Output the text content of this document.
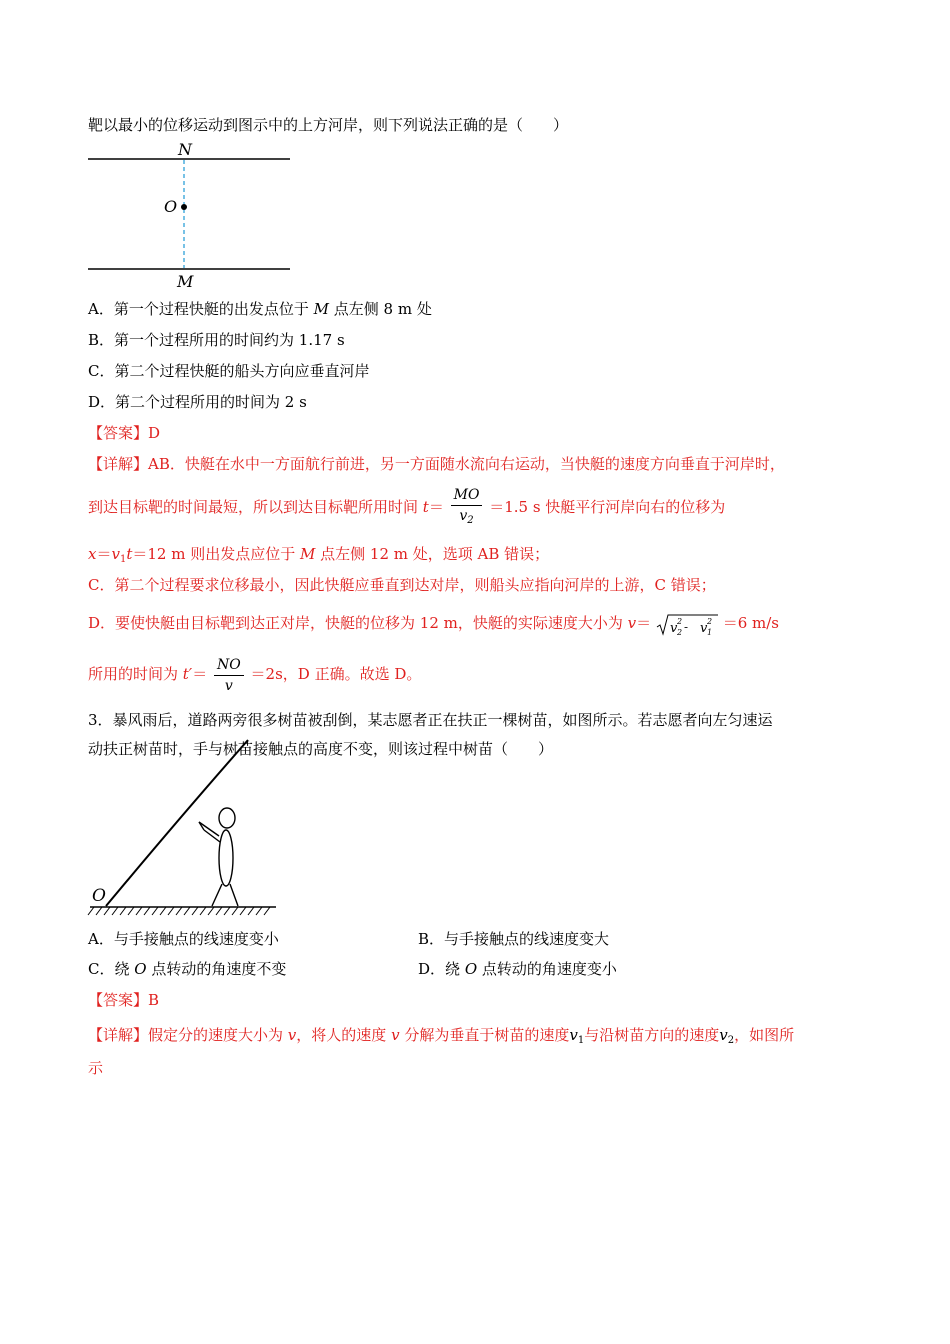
靶以最小的位移运动到图示中的上方河岸，则下列说法正确的是（　　）
N
O
M
A．第一个过程快艇的出发点位于 M 点左侧 8 m 处
B．第一个过程所用的时间约为 1.17 s
C．第二个过程快艇的船头方向应垂直河岸
D．第二个过程所用的时间为 2 s
【答案】D
【详解】AB．快艇在水中一方面航行前进，另一方面随水流向右运动，当快艇的速度方向垂直于河岸时，
到达目标靶的时间最短，所以到达目标靶所用时间 $t= \frac{MO}{v_2} =1.5$ s 快艇平行河岸向右的位移为
$x=v_1t=12$ m 则出发点应位于 M 点左侧 12 m 处，选项 AB 错误；
C．第二个过程要求位移最小，因此快艇应垂直到达对岸，则船头应指向河岸的上游，C 错误；
D．要使快艇由目标靶到达正对岸，快艇的位移为 12 m，快艇的实际速度大小为 v＝ v 2
2 - v 2
1
＝6 m/s
所用的时间为 $t'= \frac{NO}{v} =2s$，D 正确。故选 D。
3．暴风雨后，道路两旁很多树苗被刮倒，某志愿者正在扶正一棵树苗，如图所示。若志愿者向左匀速运
动扶正树苗时，手与树苗接触点的高度不变，则该过程中树苗（　　）
O
A．与手接触点的线速度变小	B．与手接触点的线速度变大
C．绕 O 点转动的角速度不变	D．绕 O 点转动的角速度变小
【答案】B
【详解】假定分的速度大小为 v，将人的速度 v 分解为垂直于树苗的速度$v_1$与沿树苗方向的速度$v_2$，如图所
示
